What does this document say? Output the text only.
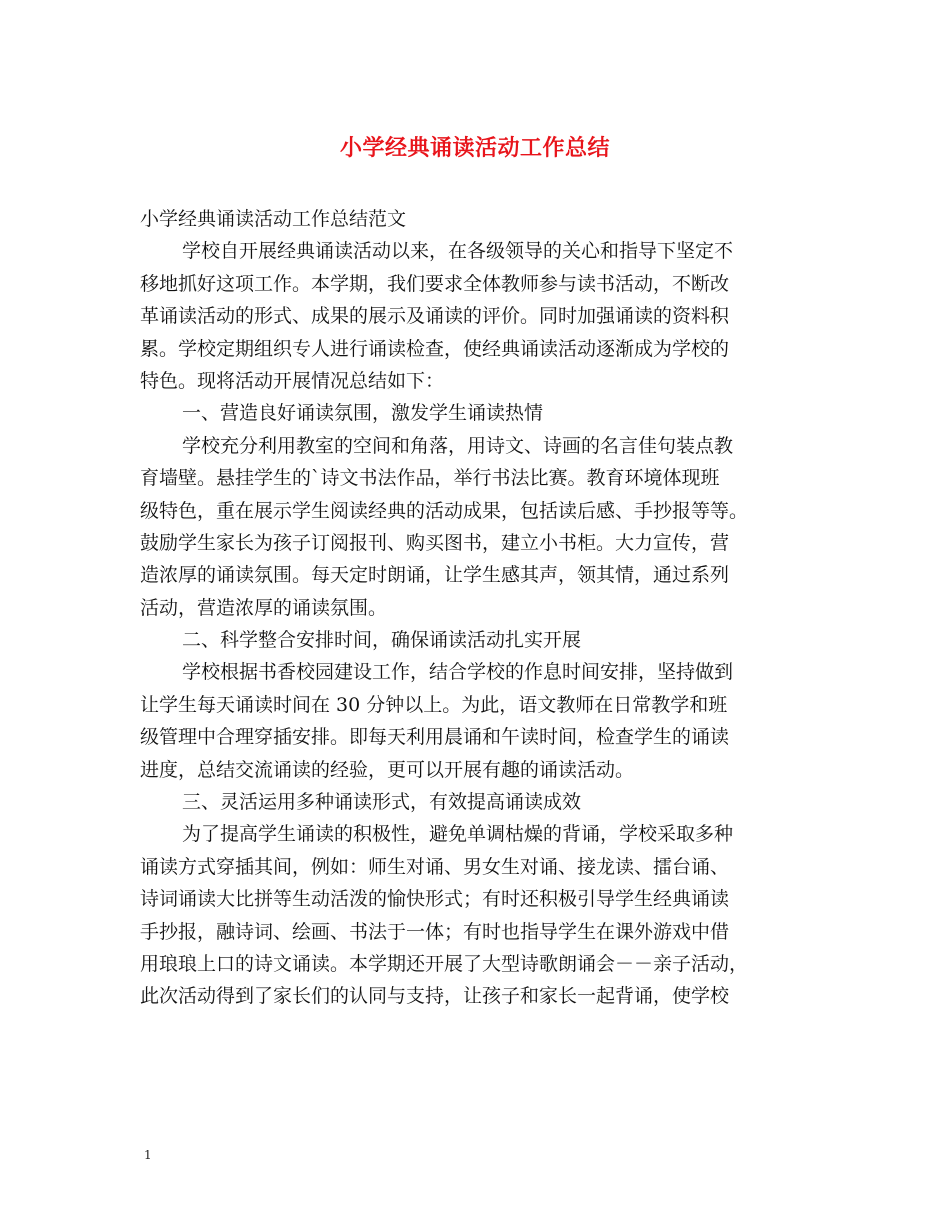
小学经典诵读活动工作总结
小学经典诵读活动工作总结范文
学校自开展经典诵读活动以来，在各级领导的关心和指导下坚定不
移地抓好这项工作。本学期，我们要求全体教师参与读书活动，不断改
革诵读活动的形式、成果的展示及诵读的评价。同时加强诵读的资料积
累。学校定期组织专人进行诵读检查，使经典诵读活动逐渐成为学校的
特色。现将活动开展情况总结如下：
一、营造良好诵读氛围，激发学生诵读热情
学校充分利用教室的空间和角落，用诗文、诗画的名言佳句装点教
育墙壁。悬挂学生的`诗文书法作品，举行书法比赛。教育环境体现班
级特色，重在展示学生阅读经典的活动成果，包括读后感、手抄报等等。
鼓励学生家长为孩子订阅报刊、购买图书，建立小书柜。大力宣传，营
造浓厚的诵读氛围。每天定时朗诵，让学生感其声，领其情，通过系列
活动，营造浓厚的诵读氛围。
二、科学整合安排时间，确保诵读活动扎实开展
学校根据书香校园建设工作，结合学校的作息时间安排，坚持做到
让学生每天诵读时间在 30 分钟以上。为此，语文教师在日常教学和班
级管理中合理穿插安排。即每天利用晨诵和午读时间，检查学生的诵读
进度，总结交流诵读的经验，更可以开展有趣的诵读活动。
三、灵活运用多种诵读形式，有效提高诵读成效
为了提高学生诵读的积极性，避免单调枯燥的背诵，学校采取多种
诵读方式穿插其间，例如：师生对诵、男女生对诵、接龙读、擂台诵、
诗词诵读大比拼等生动活泼的愉快形式；有时还积极引导学生经典诵读
手抄报，融诗词、绘画、书法于一体；有时也指导学生在课外游戏中借
用琅琅上口的诗文诵读。本学期还开展了大型诗歌朗诵会－－亲子活动，
此次活动得到了家长们的认同与支持，让孩子和家长一起背诵，使学校
1
